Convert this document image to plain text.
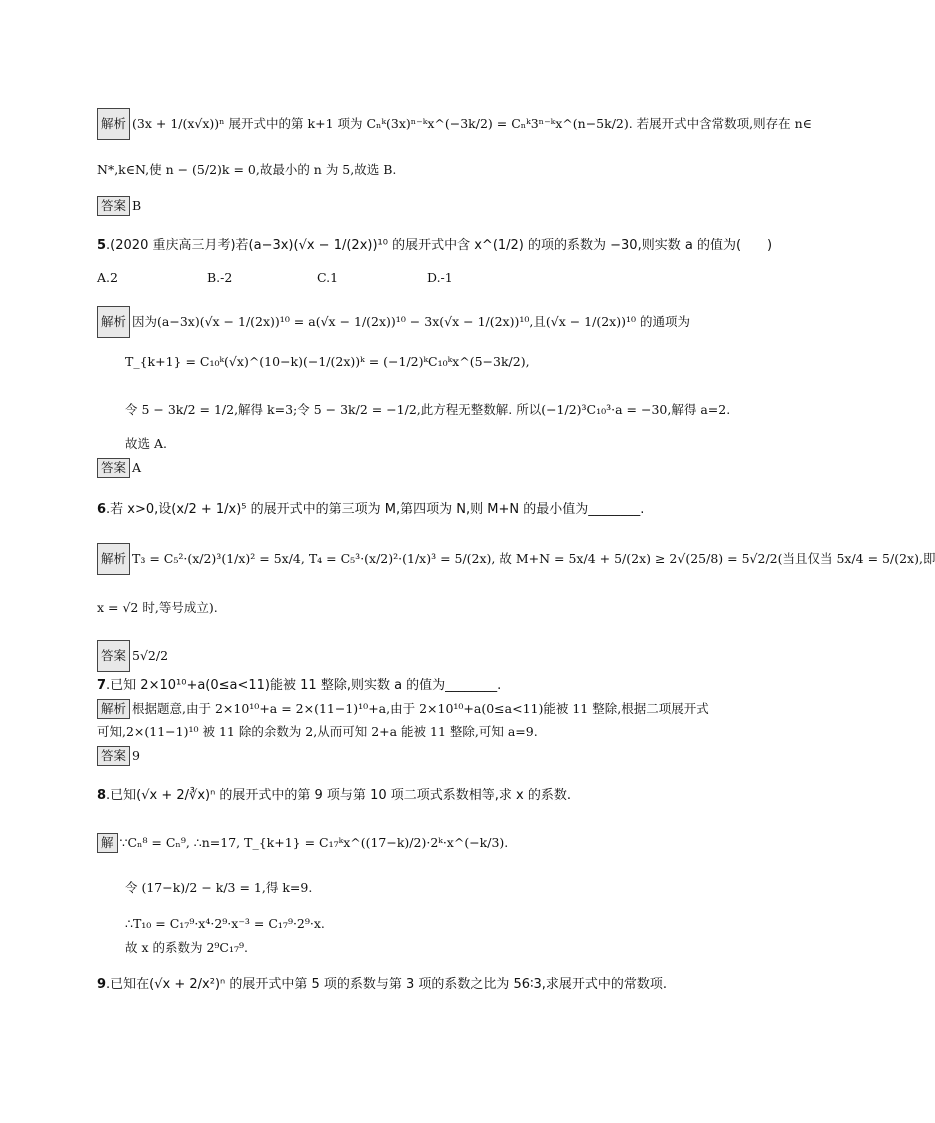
解析 (3x + 1/(x√x))ⁿ 展开式中的第 k+1 项为 Cₙᵏ(3x)ⁿ⁻ᵏx^(−3k/2) = Cₙᵏ3ⁿ⁻ᵏx^(n−5k/2). 若展开式中含常数项,则存在 n∈
N*,k∈N,使 n − (5/2)k = 0,故最小的 n 为 5,故选 B.
答案 B
5.(2020 重庆高三月考)若(a−3x)(√x − 1/(2x))¹⁰ 的展开式中含 x^(1/2) 的项的系数为 −30,则实数 a 的值为(　　)
A.2	B.-2	C.1	D.-1
解析 因为(a−3x)(√x − 1/(2x))¹⁰ = a(√x − 1/(2x))¹⁰ − 3x(√x − 1/(2x))¹⁰,且(√x − 1/(2x))¹⁰ 的通项为
T_{k+1} = C₁₀ᵏ(√x)^(10−k)(−1/(2x))ᵏ = (−1/2)ᵏC₁₀ᵏx^(5−3k/2),
令 5 − 3k/2 = 1/2,解得 k=3;令 5 − 3k/2 = −1/2,此方程无整数解. 所以(−1/2)³C₁₀³·a = −30,解得 a=2.
故选 A.
答案 A
6.若 x>0,设(x/2 + 1/x)⁵ 的展开式中的第三项为 M,第四项为 N,则 M+N 的最小值为________.
解析 T₃ = C₅²·(x/2)³(1/x)² = 5x/4, T₄ = C₅³·(x/2)²·(1/x)³ = 5/(2x), 故 M+N = 5x/4 + 5/(2x) ≥ 2√(25/8) = 5√2/2(当且仅当 5x/4 = 5/(2x),即
x = √2 时,等号成立).
答案 5√2/2
7.已知 2×10¹⁰+a(0≤a<11)能被 11 整除,则实数 a 的值为________.
解析 根据题意,由于 2×10¹⁰+a = 2×(11−1)¹⁰+a,由于 2×10¹⁰+a(0≤a<11)能被 11 整除,根据二项展开式
可知,2×(11−1)¹⁰ 被 11 除的余数为 2,从而可知 2+a 能被 11 整除,可知 a=9.
答案 9
8.已知(√x + 2/∛x)ⁿ 的展开式中的第 9 项与第 10 项二项式系数相等,求 x 的系数.
解 ∵Cₙ⁸ = Cₙ⁹, ∴n=17, T_{k+1} = C₁₇ᵏx^((17−k)/2)·2ᵏ·x^(−k/3).
令 (17−k)/2 − k/3 = 1,得 k=9.
∴T₁₀ = C₁₇⁹·x⁴·2⁹·x⁻³ = C₁₇⁹·2⁹·x.
故 x 的系数为 2⁹C₁₇⁹.
9.已知在(√x + 2/x²)ⁿ 的展开式中第 5 项的系数与第 3 项的系数之比为 56∶3,求展开式中的常数项.
